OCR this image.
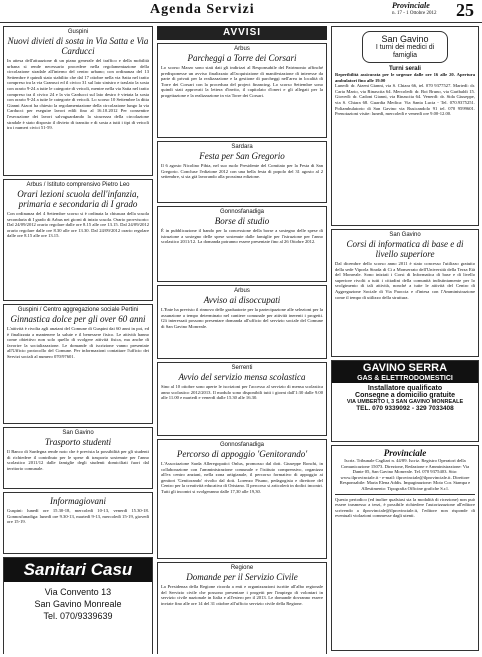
Agenda Servizi	Provinciale
n. 17 - 1 Ottobre 2012 25
Guspini
Nuovi divieti di sosta in Via Satta e Via Carducci
In attesa dell'attuazione di un piano generale del traffico e della mobilità urbana si rende necessario procedere nella regolamentazione della circolazione stradale all'interno del centro urbano; con ordinanza del 13 Settembre è quindi stato stabilito che dal 17 ottobre nella via Satta nel tratto compreso tra la via Gramsci ed il civico 31 sul lato sinistro e traslato la sosta con orario 9-24 a tutte le categorie di veicoli, mentre nella via Satta nel tratto compreso tra il civico 24 e la via Carducci sul lato destro è vietata la sosta con orario 9-24 a tutte le categorie di veicoli. Lo scorso 10 Settembre la ditta Gianni Atzori ha chiesto la regolamentazione della circolazione lungo la via Carducci per eseguire lavori edili fino al 16.10.2012 Per consentire l'esecuzione dei lavori salvaguardando la sicurezza della circolazione stradale è stato disposto il divieto di transito e di sosta a tutti i tipi di veicoli tra i numeri civici 51-59.
Arbus / Istituto comprensivo Pietro Leo
Orari lezioni scuola dell'infanzia, primaria e secondaria di I grado
Con ordinanza del 4 Settembre scorso si è ordinata la chiusura della scuola secondaria di I grado di Arbus nei giorni di inizio scuola. Orario provvisorio: Dal 24/09/2012 orario regolare dalle ore 8.15 alle ore 13.15. Dal 24/09/2012 orario regolare dalle ore 8.30 alle ore 13.30. Dal 24/09/2012 orario regolare dalle ore 8.15 alle ore 13.15.
Guspini / Centro aggregazione sociale Pertini
Ginnastica dolce per gli over 60 anni
L'attività è rivolta agli anziani del Comune di Guspini dai 60 anni in poi, ed è finalizzata a mantenere la salute e il benessere fisico. Le attività hanno come obiettivo non solo quello di svolgere attività fisica, ma anche di favorire la socializzazione. Le domande di iscrizione vanno presentate all'Ufficio protocollo del Comune. Per informazioni contattare l'ufficio dei Servizi sociali al numero 070/97601.
San Gavino
Trasporto studenti
Il Banco di Sardegna rende noto che è prevista la possibilità per gli studenti di richiedere il contributo per le spese di trasporto sostenute per l'anno scolastico 2011/12 dalle famiglie degli studenti domiciliati fuori dal territorio comunale.
Informagiovani
Guspini: lunedì ore 15.30-18, mercoledì 10-13, venerdì 15.30-18. Gonnosfanadiga: lunedì ore 9.30-13, martedì 9-13, mercoledì 15-19, giovedì ore 15-19.
Sanitari Casu
Via Convento 13
San Gavino Monreale
Tel. 070/9339639
AVVISI
Arbus
Parcheggi a Torre dei Corsari
Lo scorso Marzo sono stati dati gli indirizzi al Responsabile del Patrimonio affinché predisponesse un avviso finalizzato all'acquisizione di manifestazione di interesse da parte di privati per la realizzazione e la gestione di parcheggi nell'area in località di Torre dei Corsari con la procedura del project financing. Lo scorso Settembre sono quindi stati approvati la lettera d'invito, il capitolato d'oneri e gli allegati per la progettazione e la realizzazione in via Torre dei Corsari.
Sardara
Festa per San Gregorio
Il 6 agosto Nicolino Pibia, nel suo ruolo Presidente del Comitato per la Festa di San Gregorio. Concluse l'edizione 2012 con una bella festa di popolo del 31 agosto al 2 settembre, si sta già lavorando alla prossima edizione.
Gonnosfanadiga
Borse di studio
È in pubblicazione il bando per la concessione della borse a sostegno delle spese di istruzione a sostegno delle spese sostenute dalle famiglie per l'istruzione per l'anno scolastico 2011/12. La domanda potranno essere presentate fino al 26 Ottobre 2012.
Arbus
Avviso ai disoccupati
L'Ente ha previsto il rinnovo delle graduatorie per la partecipazione alle selezioni per la assunzione a tempo determinato nel cantiere comunale per attività inerenti i progetti. Gli interessati possono presentare domanda all'ufficio del servizio sociale del Comune di San Gavino Monreale.
Serrenti
Avvio del servizio mensa scolastica
Sino al 10 ottobre sono aperte le iscrizioni per l'accesso al servizio di mensa scolastica anno scolastico 2012/2013. Il modulo sono disponibili tutti i giorni dall'1:30 dalle 9.00 alle 11.00 e martedì e venerdì dalle 15.30 alle 16.30.
Gonnosfanadiga
Percorso di appoggio 'Genitorando'
L'Associazione Sarda Alleregopatici Onlus, promosso dal dott. Giuseppe Ronchi, in collaborazione con l'amministrazione comunale e l'istituto comprensivo, organizza all'ex centro anziani, nella zona artigianale, il percorso formativo di appoggio ai genitori 'Genitorando' rivolto dal dott. Lorenzo Pisano, pedagogista e direttore del Centro per la creatività educativa di Oristano. Il percorso si articolerà in dodici incontri. Tutti gli incontri si svolgeranno dalle 17,30 alle 19,30.
Regione
Domande per il Servizio Civile
La Presidenza della Regione ricorda a enti e organizzazioni iscritte all'albo regionale del Servizio civile che possono presentare i progetti per l'impiego di volontari in servizio civile nazionale in Italia e all'estero per il 2013. Le domande dovranno essere inviate fino alle ore 14 del 31 ottobre all'ufficio servizio civile della Regione.
San Gavino
I turni dei medici di famiglia
Turni serali
Reperibilità assicurata per le urgenze dalle ore 16 alle 20. Apertura ambulatori fino alle 19.00
Lunedì: dr. Atzeni Gianni, via S. Chiara 66, tel. 070 9377527. Martedì: dr. Caria Mario, via Rinascita 64. Mercoledì: dr. Boi Bruno, via Garibaldi 15. Giovedì: dr. Cadoni Gianni, via Rinascita 64. Venerdì: dr. Sida Giuseppe, via S. Chiara 68. Guardia Medica: Via Santa Lucia - Tel. 070.9375251. Poliambulatorio di San Gavino via Rusicandolo 91 tel. 070 9599601. Prenotazioni visite: lunedì, mercoledì e venerdì ore 9.00-12.00.
San Gavino
Corsi di informatica di base e di livello superiore
Dal dicembre dello scorso anno 2011 è stato concesso l'utilizzo gratuito della sede Viporla Strada di Ci a Monserrato dell'Università della Terza Età del Monreale. Sono iniziati i Corsi di Informatica di base e di livello superiore rivolti a tutti i cittadini della comunità indistintamente per lo svolgimento di tali attività, nonché a tutte le attività del Centro di Aggregazione Sociale di Via Paoccia e d'intesa con l'Amministrazione come il tempo di utilizzo della struttura.
GAVINO SERRA
GAS & ELETTRODOMESTICI
Installatore qualificato
Consegne a domicilio gratuite
VIA UMBERTO I, 3 SAN GAVINO MONREALE
TEL. 070 9339092 - 329 7033408
Provinciale
Iscriz. Tribunale Cagliari n. 44/89. Iscriz. Registro Operatori della Comunicazione 15073. Direzione, Redazione e Amministrazione: Via Dante 05, San Gavino Monreale. Tel. 070 9375403. Sito: www.ilprovinciale.it - e-mail: ilprovinciale@ilprovinciale.it. Direttore Responsabile: Maria Elena Addis. Impaginazione: Moto Cor. Stampa e Allestimento: Tipografia Officine grafiche S.r.l.
Questo periodico (ed inoltre qualsiasi sia la modalità di ricezione) non può essere trasmesso a terzi, è possibile richiedere l'autorizzazione all'editore scrivendo a ilprovinciale@ilprovinciale.it, l'editore non risponde di eventuali violazioni commesse dagli utenti.
